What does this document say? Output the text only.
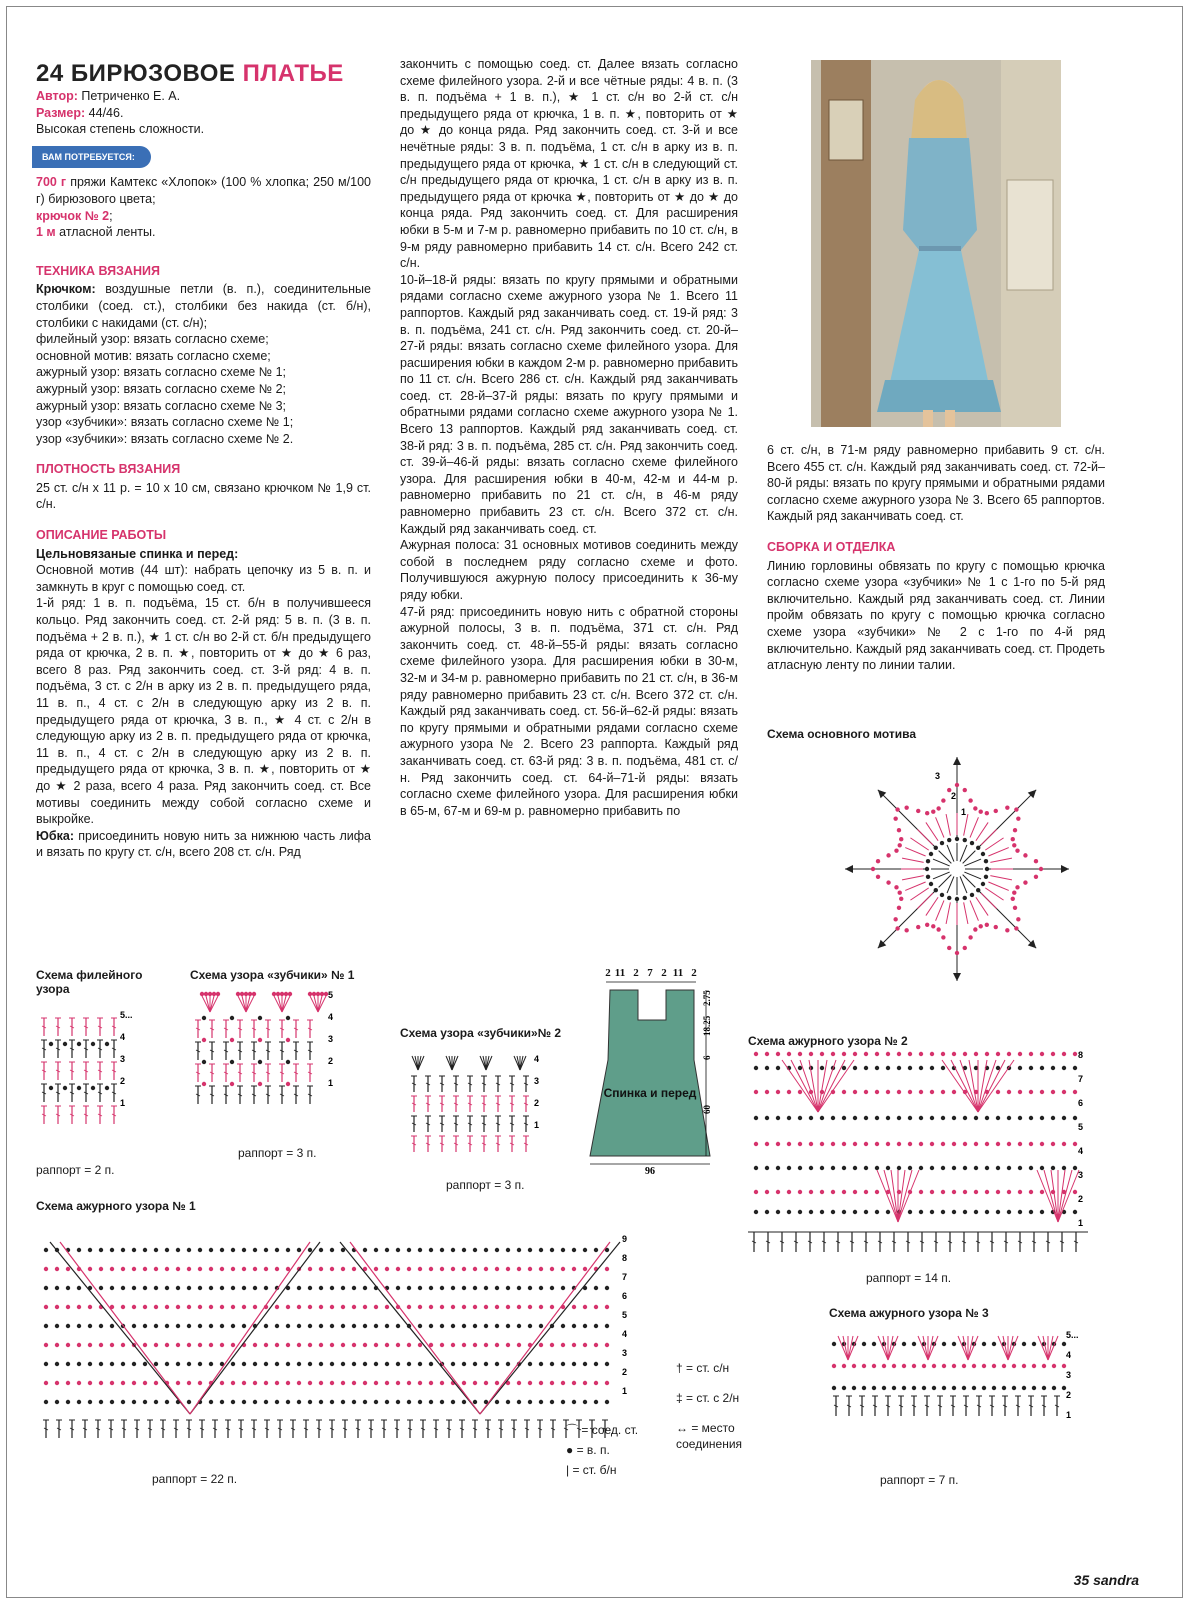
24 БИРЮЗОВОЕ ПЛАТЬЕ

Автор: Петриченко Е. А.

Размер: 44/46.

Высокая степень сложности.

ВАМ ПОТРЕБУЕТСЯ:

700 г пряжи Камтекс «Хлопок» (100 % хлопка; 250 м/100 г) бирюзового цвета;

крючок № 2;

1 м атласной ленты.

ТЕХНИКА ВЯЗАНИЯ

Крючком: воздушные петли (в. п.), соединительные столбики (соед. ст.), столбики без накида (ст. б/н), столбики с накидами (ст. с/н);

филейный узор: вязать согласно схеме;

основной мотив: вязать согласно схеме;

ажурный узор: вязать согласно схеме № 1;

ажурный узор: вязать согласно схеме № 2;

ажурный узор: вязать согласно схеме № 3;

узор «зубчики»: вязать согласно схеме № 1;

узор «зубчики»: вязать согласно схеме № 2.

ПЛОТНОСТЬ ВЯЗАНИЯ

25 ст. с/н х 11 р. = 10 х 10 см, связано крючком № 1,9 ст. с/н.

ОПИСАНИЕ РАБОТЫ

Цельновязаные спинка и перед:

Основной мотив (44 шт): набрать цепочку из 5 в. п. и замкнуть в круг с помощью соед. ст.

1-й ряд: 1 в. п. подъёма, 15 ст. б/н в получившееся кольцо. Ряд закончить соед. ст. 2-й ряд: 5 в. п. (3 в. п. подъёма + 2 в. п.), ★ 1 ст. с/н во 2-й ст. б/н предыдущего ряда от крючка, 2 в. п. ★, повторить от ★ до ★ 6 раз, всего 8 раз. Ряд закончить соед. ст. 3-й ряд: 4 в. п. подъёма, 3 ст. с 2/н в арку из 2 в. п. предыдущего ряда, 11 в. п., 4 ст. с 2/н в следующую арку из 2 в. п. предыдущего ряда от крючка, 3 в. п., ★ 4 ст. с 2/н в следующую арку из 2 в. п. предыдущего ряда от крючка, 11 в. п., 4 ст. с 2/н в следующую арку из 2 в. п. предыдущего ряда от крючка, 3 в. п. ★, повторить от ★ до ★ 2 раза, всего 4 раза. Ряд закончить соед. ст. Все мотивы соединить между собой согласно схеме и выкройке.

Юбка: присоединить новую нить за нижнюю часть лифа и вязать по кругу ст. с/н, всего 208 ст. с/н. Ряд

закончить с помощью соед. ст. Далее вязать согласно схеме филейного узора. 2-й и все чётные ряды: 4 в. п. (3 в. п. подъёма + 1 в. п.), ★ 1 ст. с/н во 2-й ст. с/н предыдущего ряда от крючка, 1 в. п. ★, повторить от ★ до ★ до конца ряда. Ряд закончить соед. ст. 3-й и все нечётные ряды: 3 в. п. подъёма, 1 ст. с/н в арку из в. п. предыдущего ряда от крючка, ★ 1 ст. с/н в следующий ст. с/н предыдущего ряда от крючка, 1 ст. с/н в арку из в. п. предыдущего ряда от крючка ★, повторить от ★ до ★ до конца ряда. Ряд закончить соед. ст. Для расширения юбки в 5-м и 7-м р. равномерно прибавить по 10 ст. с/н, в 9-м ряду равномерно прибавить 14 ст. с/н. Всего 242 ст. с/н.

10-й–18-й ряды: вязать по кругу прямыми и обратными рядами согласно схеме ажурного узора № 1. Всего 11 раппортов. Каждый ряд заканчивать соед. ст. 19-й ряд: 3 в. п. подъёма, 241 ст. с/н. Ряд закончить соед. ст. 20-й–27-й ряды: вязать согласно схеме филейного узора. Для расширения юбки в каждом 2-м р. равномерно прибавить по 11 ст. с/н. Всего 286 ст. с/н. Каждый ряд заканчивать соед. ст. 28-й–37-й ряды: вязать по кругу прямыми и обратными рядами согласно схеме ажурного узора № 1. Всего 13 раппортов. Каждый ряд заканчивать соед. ст. 38-й ряд: 3 в. п. подъёма, 285 ст. с/н. Ряд закончить соед. ст. 39-й–46-й ряды: вязать согласно схеме филейного узора. Для расширения юбки в 40-м, 42-м и 44-м р. равномерно прибавить по 21 ст. с/н, в 46-м ряду равномерно прибавить 23 ст. с/н. Всего 372 ст. с/н. Каждый ряд заканчивать соед. ст.

Ажурная полоса: 31 основных мотивов соединить между собой в последнем ряду согласно схеме и фото. Получившуюся ажурную полосу присоединить к 36-му ряду юбки.

47-й ряд: присоединить новую нить с обратной стороны ажурной полосы, 3 в. п. подъёма, 371 ст. с/н. Ряд закончить соед. ст. 48-й–55-й ряды: вязать согласно схеме филейного узора. Для расширения юбки в 30-м, 32-м и 34-м р. равномерно прибавить по 21 ст. с/н, в 36-м ряду равномерно прибавить 23 ст. с/н. Всего 372 ст. с/н. Каждый ряд заканчивать соед. ст. 56-й–62-й ряды: вязать по кругу прямыми и обратными рядами согласно схеме ажурного узора № 2. Всего 23 раппорта. Каждый ряд заканчивать соед. ст. 63-й ряд: 3 в. п. подъёма, 481 ст. с/н. Ряд закончить соед. ст. 64-й–71-й ряды: вязать согласно схеме филейного узора. Для расширения юбки в 65-м, 67-м и 69-м р. равномерно прибавить по

6 ст. с/н, в 71-м ряду равномерно прибавить 9 ст. с/н. Всего 455 ст. с/н. Каждый ряд заканчивать соед. ст. 72-й–80-й ряды: вязать по кругу прямыми и обратными рядами согласно схеме ажурного узора № 3. Всего 65 раппортов. Каждый ряд заканчивать соед. ст.

СБОРКА И ОТДЕЛКА

Линию горловины обвязать по кругу с помощью крючка согласно схеме узора «зубчики» № 1 с 1-го по 5-й ряд включительно. Каждый ряд заканчивать соед. ст. Линии пройм обвязать по кругу с помощью крючка согласно схеме узора «зубчики» № 2 с 1-го по 4-й ряд включительно. Каждый ряд заканчивать соед. ст. Продеть атласную ленту по линии талии.

Схема основного мотива
3
2
1
Схема филейного узора
5...
4
3
2
1
раппорт = 2 п.
Схема узора «зубчики» № 1
5
4
3
2
1
раппорт = 3 п.
Схема узора «зубчики»№ 2
4
3
2
1
раппорт = 3 п.
2 11 2 7 2 11 2
2.75
18.25
6
60
Спинка и перед
96
Схема ажурного узора № 2
8
7
6
5
4
3
2
1
раппорт = 14 п.
Схема ажурного узора № 1
9
8
7
6
5
4
3
2
1
раппорт = 22 п.
⌒ = соед. ст.
● = в. п.
| = ст. б/н
† = ст. с/н
‡ = ст. с 2/н
↔ = место соединения
Схема ажурного узора № 3
5...
4
3
2
1
раппорт = 7 п.
35 sandra
